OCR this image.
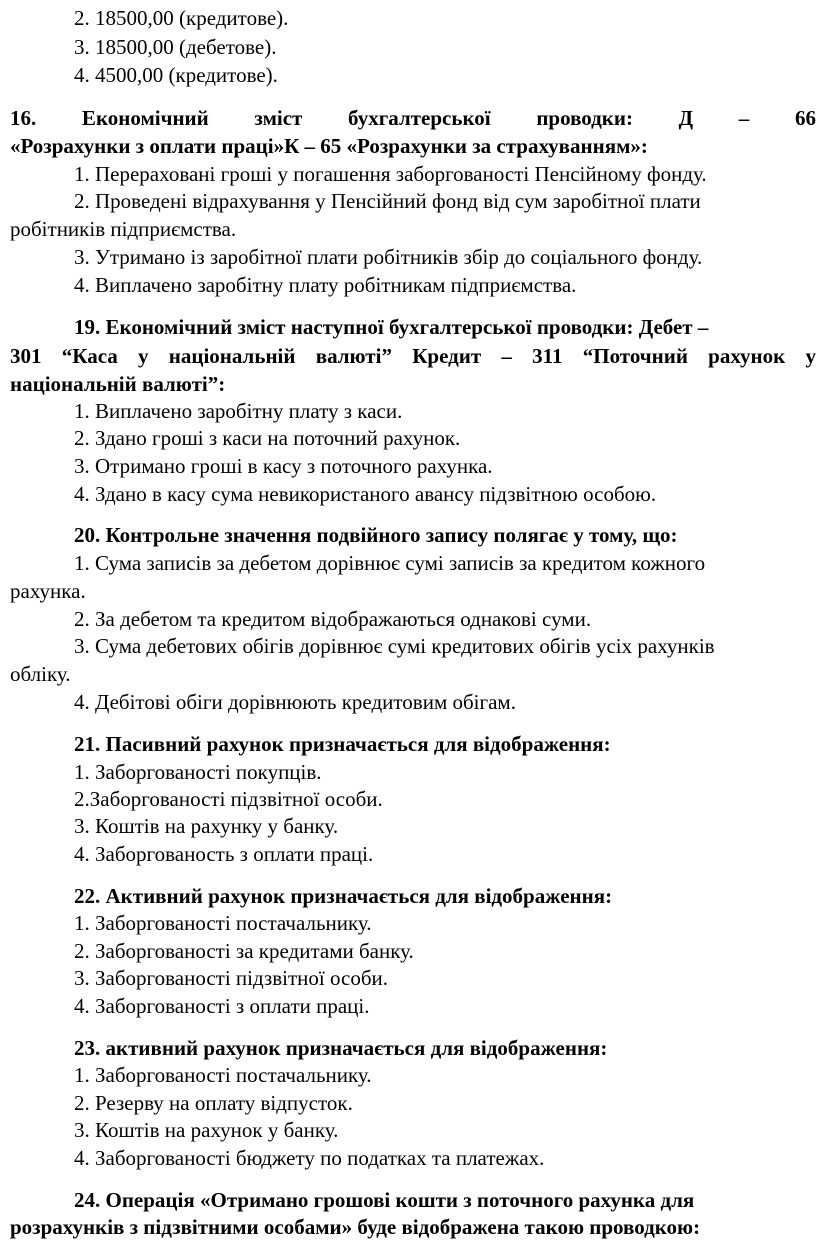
2. 18500,00 (кредитове).
3. 18500,00 (дебетове).
4. 4500,00 (кредитове).
16. Економічний зміст бухгалтерської проводки: Д – 66
«Розрахунки з оплати праці»К – 65 «Розрахунки за страхуванням»:
1. Перераховані гроші у погашення заборгованості Пенсійному фонду.
2. Проведені відрахування у Пенсійний фонд від сум заробітної плати
робітників підприємства.
3. Утримано із заробітної плати робітників збір до соціального фонду.
4. Виплачено заробітну плату робітникам підприємства.
19. Економічний зміст наступної бухгалтерської проводки: Дебет –
301 “Каса у національній валюті” Кредит – 311 “Поточний рахунок у
національній валюті”:
1. Виплачено заробітну плату з каси.
2. Здано гроші з каси на поточний рахунок.
3. Отримано гроші в касу з поточного рахунка.
4. Здано в касу сума невикористаного авансу підзвітною особою.
20. Контрольне значення подвійного запису полягає у тому, що:
1. Сума записів за дебетом дорівнює сумі записів за кредитом кожного
рахунка.
2. За дебетом та кредитом відображаються однакові суми.
3. Сума дебетових обігів дорівнює сумі кредитових обігів усіх рахунків
обліку.
4. Дебітові обіги дорівнюють кредитовим обігам.
21. Пасивний рахунок призначається для відображення:
1. Заборгованості покупців.
2.Заборгованості підзвітної особи.
3. Коштів на рахунку у банку.
4. Заборгованость з оплати праці.
22. Активний рахунок призначається для відображення:
1. Заборгованості постачальнику.
2. Заборгованості за кредитами банку.
3. Заборгованості підзвітної особи.
4. Заборгованості з оплати праці.
23. активний рахунок призначається для відображення:
1. Заборгованості постачальнику.
2. Резерву на оплату відпусток.
3. Коштів на рахунок у банку.
4. Заборгованості бюджету по податках та платежах.
24. Операція «Отримано грошові кошти з поточного рахунка для
розрахунків з підзвітними особами» буде відображена такою проводкою:
